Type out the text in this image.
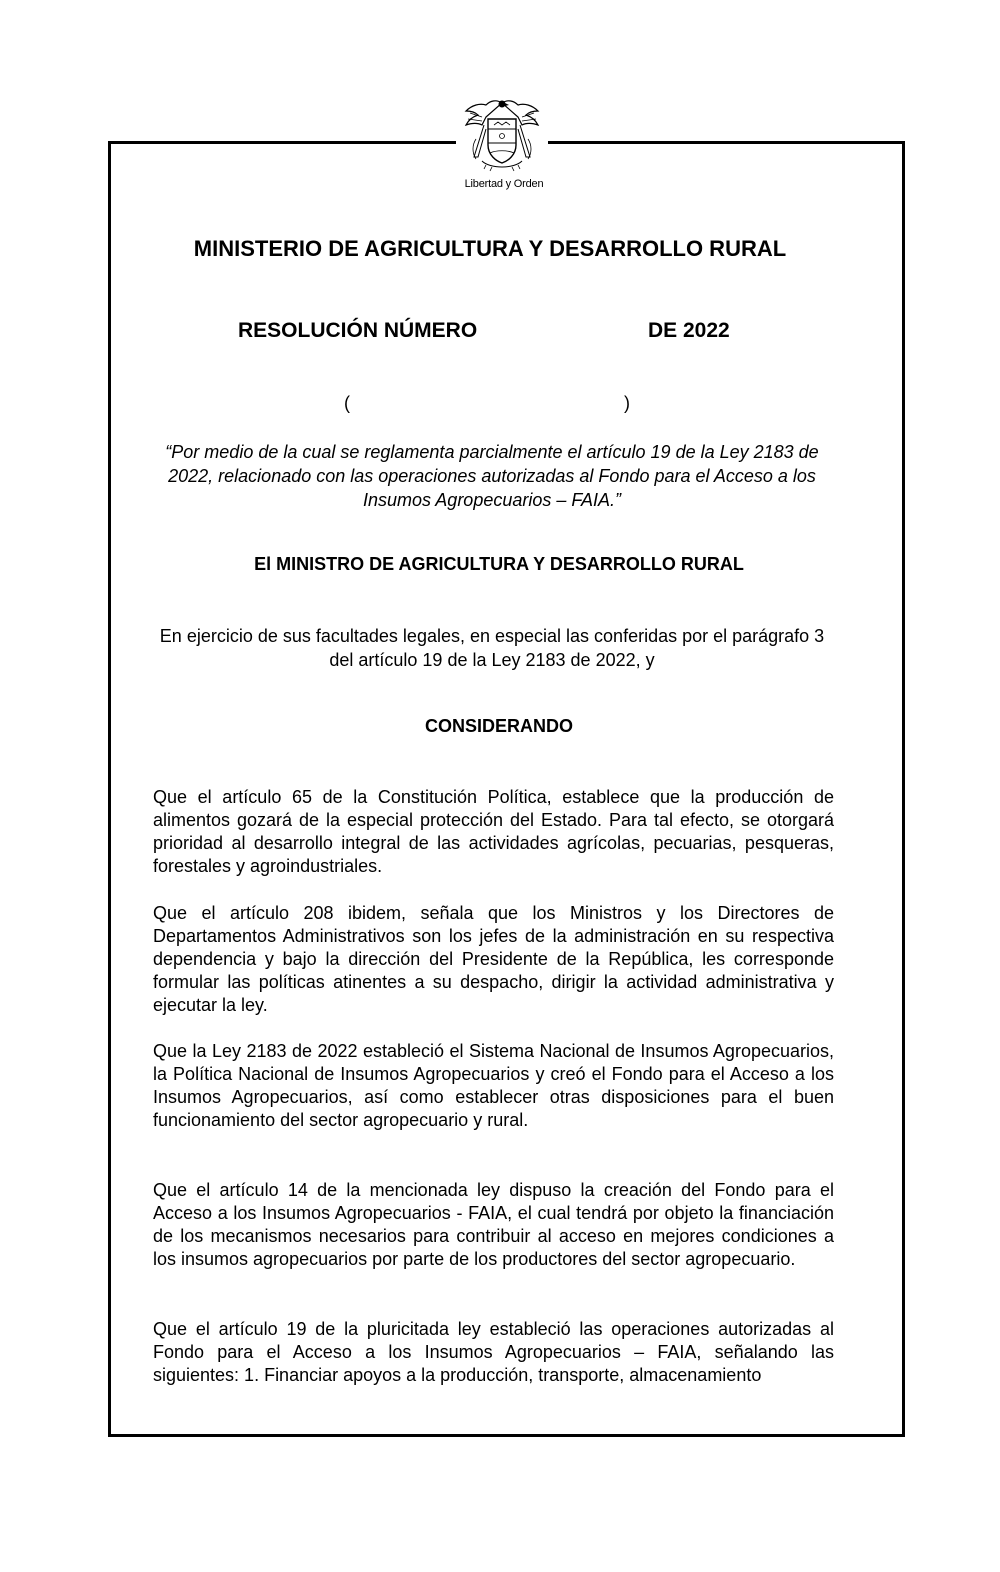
Libertad y Orden
MINISTERIO DE AGRICULTURA Y DESARROLLO RURAL
RESOLUCIÓN NÚMERO	DE 2022
(	)
“Por medio de la cual se reglamenta parcialmente el artículo 19 de la Ley 2183 de 2022, relacionado con las operaciones autorizadas al Fondo para el Acceso a los Insumos Agropecuarios – FAIA.”
El MINISTRO DE AGRICULTURA Y DESARROLLO RURAL
En ejercicio de sus facultades legales, en especial las conferidas por el parágrafo 3 del artículo 19 de la Ley 2183 de 2022, y
CONSIDERANDO
Que el artículo 65 de la Constitución Política, establece que la producción de alimentos gozará de la especial protección del Estado. Para tal efecto, se otorgará prioridad al desarrollo integral de las actividades agrícolas, pecuarias, pesqueras, forestales y agroindustriales.
Que el artículo 208 ibidem, señala que los Ministros y los Directores de Departamentos Administrativos son los jefes de la administración en su respectiva dependencia y bajo la dirección del Presidente de la República, les corresponde formular las políticas atinentes a su despacho, dirigir la actividad administrativa y ejecutar la ley.
Que la Ley 2183 de 2022 estableció el Sistema Nacional de Insumos Agropecuarios, la Política Nacional de Insumos Agropecuarios y creó el Fondo para el Acceso a los Insumos Agropecuarios, así como establecer otras disposiciones para el buen funcionamiento del sector agropecuario y rural.
Que el artículo 14 de la mencionada ley dispuso la creación del Fondo para el Acceso a los Insumos Agropecuarios - FAIA, el cual tendrá por objeto la financiación de los mecanismos necesarios para contribuir al acceso en mejores condiciones a los insumos agropecuarios por parte de los productores del sector agropecuario.
Que el artículo 19 de la pluricitada ley estableció las operaciones autorizadas al Fondo para el Acceso a los Insumos Agropecuarios – FAIA, señalando las siguientes: 1. Financiar apoyos a la producción, transporte, almacenamiento
